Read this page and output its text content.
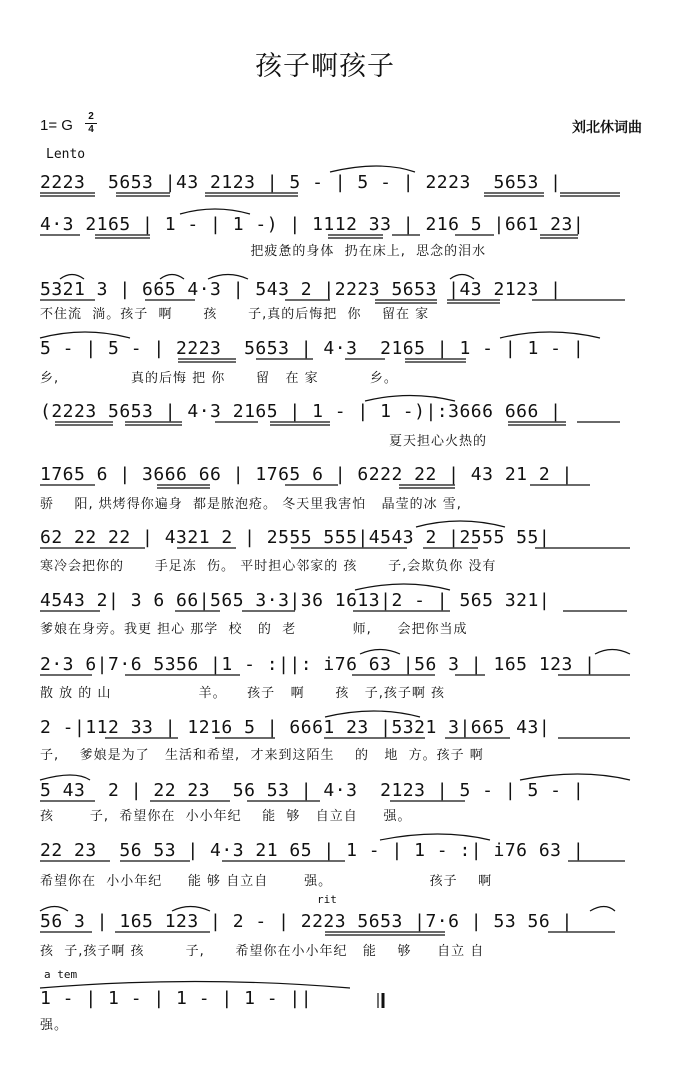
孩子啊孩子
1= G
2
4	刘北休词曲
Lento
2223  5653 |43 2123 | 5 - | 5 - | 2223  5653 |
4·3 2165 | 1 - | 1 -) | 1112 33 | 216 5 |661 23|
把疲惫的身体  扔在床上,  思念的泪水
5321 3 | 665 4·3 | 543 2 |2223 5653 |43 2123 |
不住流  淌。孩子  啊      孩      子,真的后悔把  你    留在 家
5 - | 5 - | 2223  5653 | 4·3  2165 | 1 - | 1 - |
乡,              真的后悔 把 你      留   在 家          乡。
(2223 5653 | 4·3 2165 | 1 - | 1 -)|:3666 666 |
夏天担心火热的
1765 6 | 3666 66 | 1765 6 | 6222 22 | 43 21 2 |
骄    阳, 烘烤得你遍身  都是脓泡疮。 冬天里我害怕   晶莹的冰 雪,
62 22 22 | 4321 2 | 2555 555|4543 2 |2555 55|
寒冷会把你的      手足冻  伤。 平时担心邻家的 孩      子,会欺负你 没有
4543 2| 3 6 66|565 3·3|36 1613|2 - | 565 321|
爹娘在身旁。我更 担心 那学  校   的  老           师,     会把你当成
2·3 6|7·6 5356 |1 - :||: i76 63 |56 3 | 165 123 |
散 放 的 山                 羊。    孩子   啊      孩   子,孩子啊 孩
2 -|112 33 | 1216 5 | 6661 23 |5321 3|665 43|
子,    爹娘是为了   生活和希望,  才来到这陌生    的   地  方。孩子 啊
5 43  2 | 22 23  56 53 | 4·3  2123 | 5 - | 5 - |
孩       子,  希望你在  小小年纪    能  够   自立自     强。
22 23  56 53 | 4·3 21 65 | 1 - | 1 - :| i76 63 |
希望你在  小小年纪     能 够 自立自       强。                   孩子    啊
rit
56 3 | 165 123 | 2 - | 2223 5653 |7·6 | 53 56 |
孩  子,孩子啊 孩        子,      希望你在小小年纪   能    够     自立 自
a tem
1 - | 1 - | 1 - | 1 - ||
强。
